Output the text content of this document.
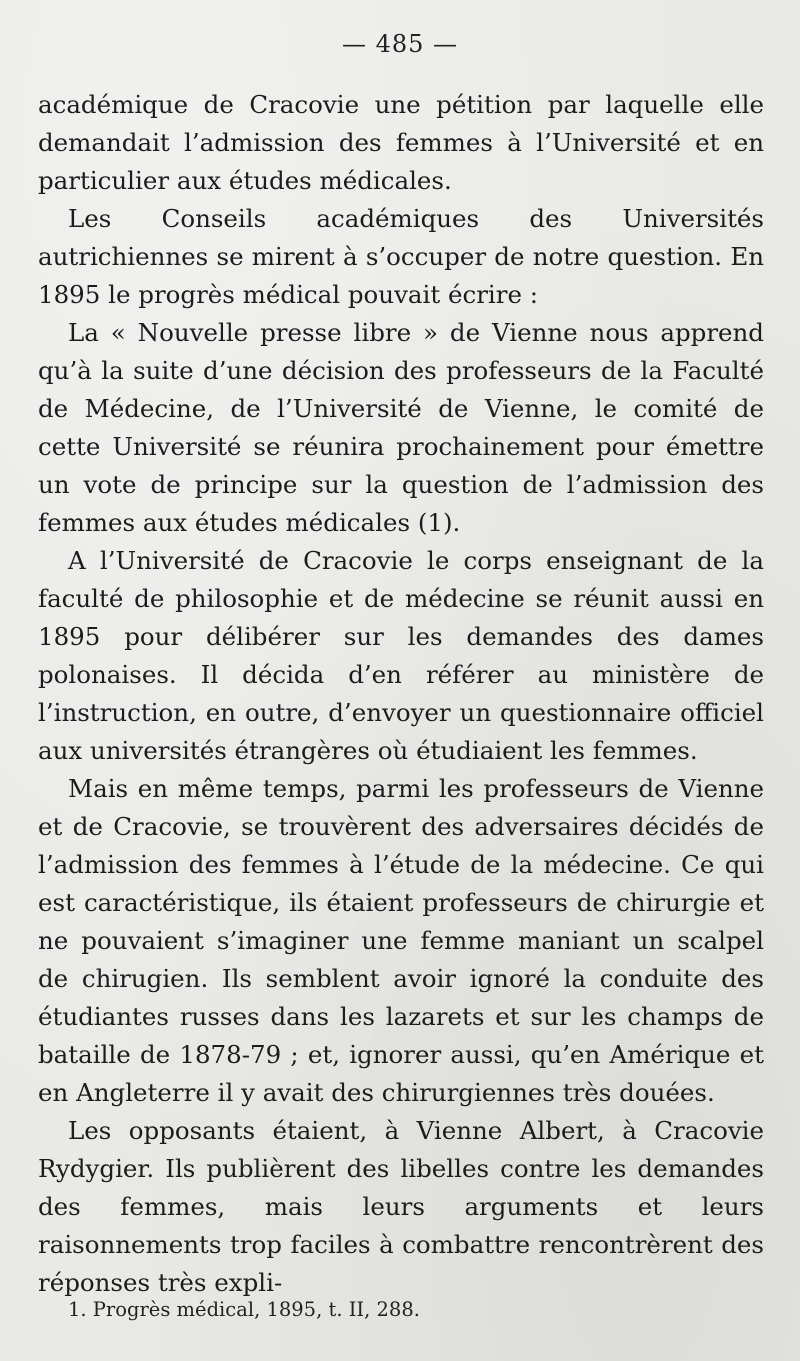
— 485 —

académique de Cracovie une pétition par laquelle elle demandait l’admission des femmes à l’Université et en particulier aux études médicales.

Les Conseils académiques des Universités autrichiennes se mirent à s’occuper de notre question. En 1895 le progrès médical pouvait écrire :

La « Nouvelle presse libre » de Vienne nous apprend qu’à la suite d’une décision des professeurs de la Faculté de Médecine, de l’Université de Vienne, le comité de cette Université se réunira prochainement pour émettre un vote de principe sur la question de l’admission des femmes aux études médicales (1).

A l’Université de Cracovie le corps enseignant de la faculté de philosophie et de médecine se réunit aussi en 1895 pour délibérer sur les demandes des dames polonaises. Il décida d’en référer au ministère de l’instruction, en outre, d’envoyer un questionnaire officiel aux universités étrangères où étudiaient les femmes.

Mais en même temps, parmi les professeurs de Vienne et de Cracovie, se trouvèrent des adversaires décidés de l’admission des femmes à l’étude de la médecine. Ce qui est caractéristique, ils étaient professeurs de chirurgie et ne pouvaient s’imaginer une femme maniant un scalpel de chirugien. Ils semblent avoir ignoré la conduite des étudiantes russes dans les lazarets et sur les champs de bataille de 1878-79 ; et, ignorer aussi, qu’en Amérique et en Angleterre il y avait des chirurgiennes très douées.

Les opposants étaient, à Vienne Albert, à Cracovie Rydygier. Ils publièrent des libelles contre les demandes des femmes, mais leurs arguments et leurs raisonnements trop faciles à combattre rencontrèrent des réponses très expli-

1. Progrès médical, 1895, t. II, 288.
